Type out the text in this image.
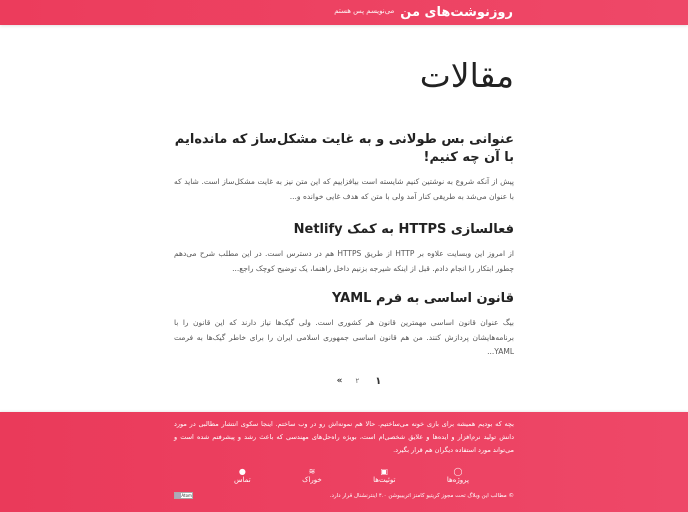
روزنوشت‌های من
می‌نویسم پس هستم
مقالات
عنوانی بس طولانی و به غایت مشکل‌ساز که مانده‌ایم با آن چه کنیم!

پیش از آنکه شروع به نوشتین کنیم شایسته است بیافزاییم که این متن نیز به غایت مشکل‌ساز است. شاید که با عنوان می‌شد به طریقی کنار آمد ولی با متن که هدف غایی خوانده و...

فعالسازی HTTPS به کمک Netlify

از امروز این وبسایت علاوه بر HTTP از طریق HTTPS هم در دسترس است. در این مطلب شرح می‌دهم چطور ابتکار را انجام دادم. قبل از اینکه شیرجه بزنیم داخل راهنما، یک توضیح کوچک راجع...

قانون اساسی به فرم YAML

بیگ عنوان قانون اساسی مهمترین قانون هر کشوری است. ولی گیک‌ها نیاز دارند که این قانون را با برنامه‌هایشان پردازش کنند. من هم قانون اساسی جمهوری اسلامی ایران را برای خاطر گیک‌ها به فرمت YAML...

۱
۲
»

بچه که بودیم همیشه برای بازی خونه می‌ساختیم. حالا هم نمونه‌اش رو در وب ساختم. اینجا سکوی انتشار مطالبی در مورد دانش تولید نرم‌افزار و ایده‌ها و علایق شخصی‌ام است، بویژه راه‌حل‌های مهندسی که باعث رشد و پیشرفتم شده است و می‌تواند مورد استفاده دیگران هم قرار بگیرد.

◯
پروژه‌ها
▣
توئیت‌ها
≋
خوراک
●
تماس
© مطالب این وبلاگ تحت مجوز کریتیو کامنز اتریبیوشن ۴.۰ اینترنشنال قرار دارد.
Atom
